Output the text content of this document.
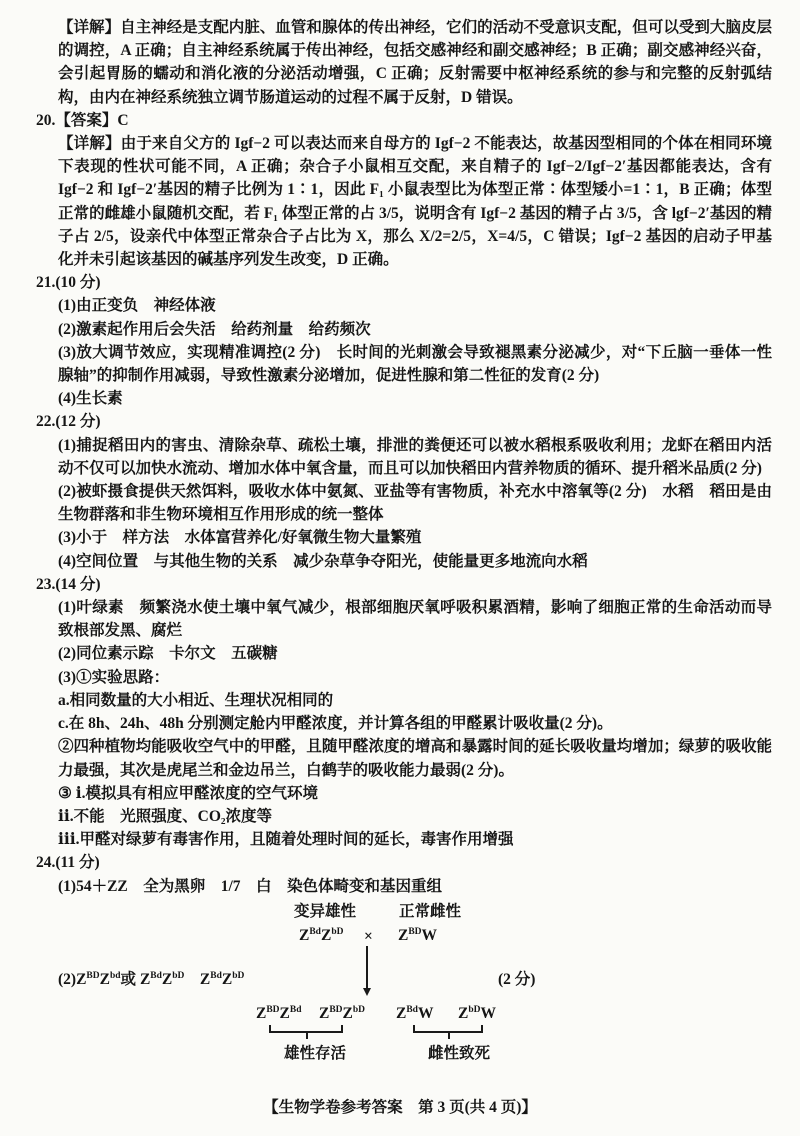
【详解】自主神经是支配内脏、血管和腺体的传出神经，它们的活动不受意识支配，但可以受到大脑皮层的调控，A 正确；自主神经系统属于传出神经，包括交感神经和副交感神经；B 正确；副交感神经兴奋，会引起胃肠的蠕动和消化液的分泌活动增强，C 正确；反射需要中枢神经系统的参与和完整的反射弧结构，由内在神经系统独立调节肠道运动的过程不属于反射，D 错误。
20.【答案】C
【详解】由于来自父方的 Igf−2 可以表达而来自母方的 Igf−2 不能表达，故基因型相同的个体在相同环境下表现的性状可能不同，A 正确；杂合子小鼠相互交配，来自精子的 Igf−2/Igf−2′基因都能表达，含有 Igf−2 和 Igf−2′基因的精子比例为 1∶1，因此 F₁ 小鼠表型比为体型正常∶体型矮小=1∶1，B 正确；体型正常的雌雄小鼠随机交配，若 F₁ 体型正常的占 3/5，说明含有 Igf−2 基因的精子占 3/5，含 lgf−2′基因的精子占 2/5，设亲代中体型正常杂合子占比为 X，那么 X/2=2/5，X=4/5，C 错误；Igf−2 基因的启动子甲基化并未引起该基因的碱基序列发生改变，D 正确。
21.(10 分)
(1)由正变负　神经体液
(2)激素起作用后会失活　给药剂量　给药频次
(3)放大调节效应，实现精准调控(2 分)　长时间的光刺激会导致褪黑素分泌减少，对“下丘脑一垂体一性腺轴”的抑制作用减弱，导致性激素分泌增加，促进性腺和第二性征的发育(2 分)
(4)生长素
22.(12 分)
(1)捕捉稻田内的害虫、清除杂草、疏松土壤，排泄的粪便还可以被水稻根系吸收利用；龙虾在稻田内活动不仅可以加快水流动、增加水体中氧含量，而且可以加快稻田内营养物质的循环、提升稻米品质(2 分)
(2)被虾摄食提供天然饵料，吸收水体中氨氮、亚盐等有害物质，补充水中溶氧等(2 分)　水稻　稻田是由生物群落和非生物环境相互作用形成的统一整体
(3)小于　样方法　水体富营养化/好氧微生物大量繁殖
(4)空间位置　与其他生物的关系　减少杂草争夺阳光，使能量更多地流向水稻
23.(14 分)
(1)叶绿素　频繁浇水使土壤中氧气减少，根部细胞厌氧呼吸积累酒精，影响了细胞正常的生命活动而导致根部发黑、腐烂
(2)同位素示踪　卡尔文　五碳糖
(3)①实验思路：
a.相同数量的大小相近、生理状况相同的
c.在 8h、24h、48h 分别测定舱内甲醛浓度，并计算各组的甲醛累计吸收量(2 分)。
②四种植物均能吸收空气中的甲醛，且随甲醛浓度的增高和暴露时间的延长吸收量均增加；绿萝的吸收能力最强，其次是虎尾兰和金边吊兰，白鹤芋的吸收能力最弱(2 分)。
③ ⅰ.模拟具有相应甲醛浓度的空气环境
ⅱ.不能　光照强度、CO₂浓度等
ⅲ.甲醛对绿萝有毒害作用，且随着处理时间的延长，毒害作用增强
24.(11 分)
(1)54＋ZZ　全为黑卵　1/7　白　染色体畸变和基因重组
变异雄性	正常雌性
$Z^{Bd}Z^{bD} \times Z^{BD}W$
(2 分)
$(2)Z^{BD}Z^{bd}$或 $Z^{Bd}Z^{bD}$　 $Z^{Bd}Z^{bD}$
$Z^{BD}Z^{Bd}$ $Z^{BD}Z^{bD}$ $Z^{Bd}W$ $Z^{bD}W$
雄性存活	雌性致死
【生物学卷参考答案　第 3 页(共 4 页)】
